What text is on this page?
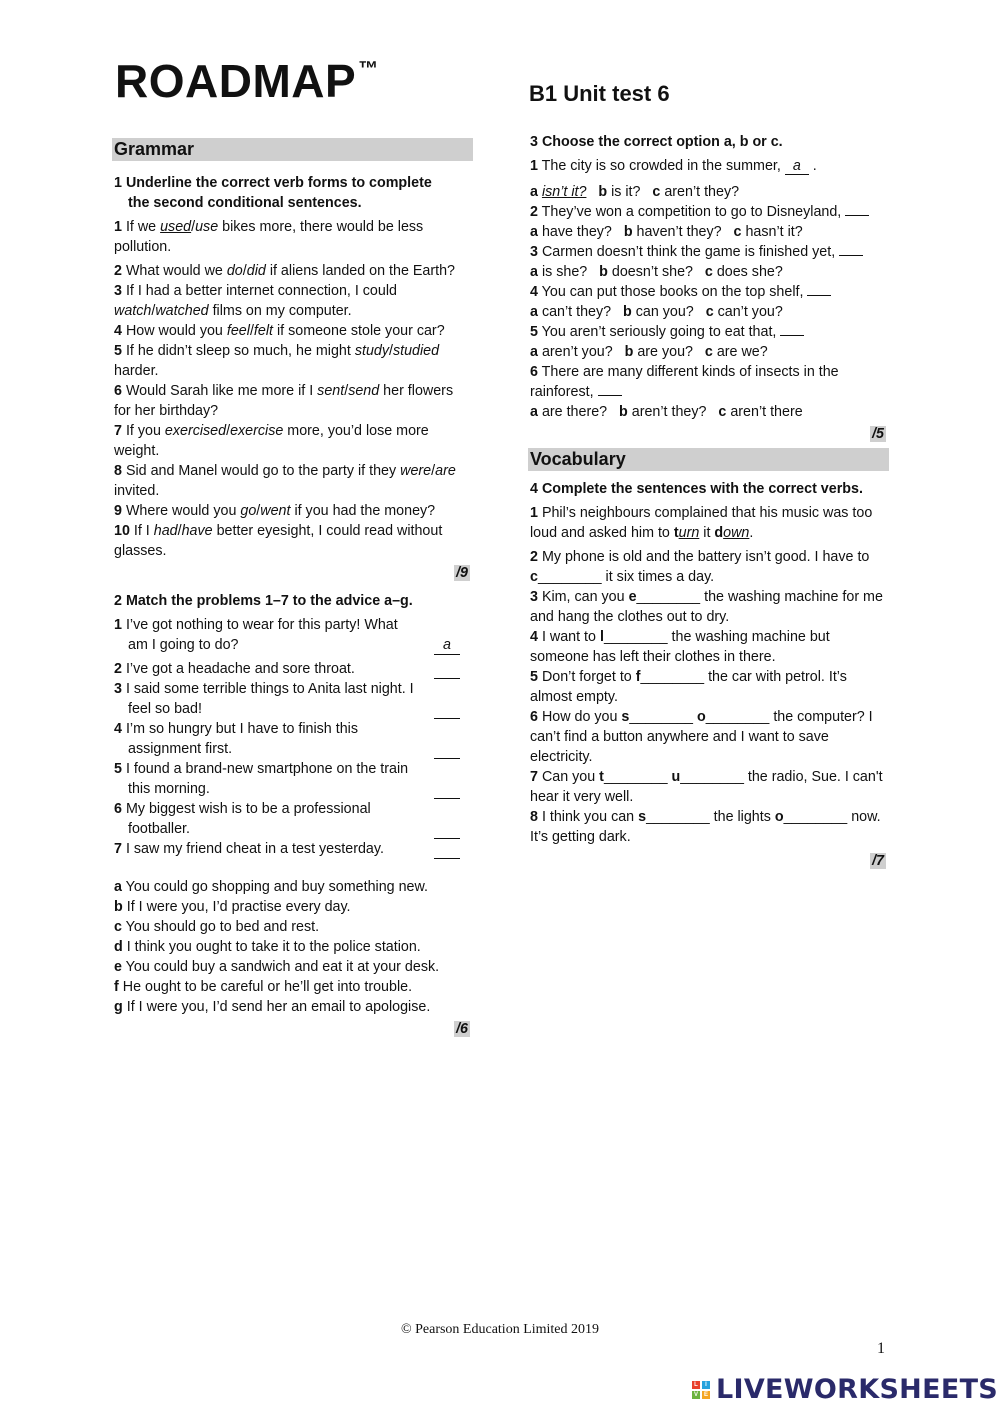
ROADMAP ™
B1 Unit test 6
Grammar
1 Underline the correct verb forms to complete
the second conditional sentences.
1 If we used/use bikes more, there would be less pollution.
2 What would we do/did if aliens landed on the Earth?
3 If I had a better internet connection, I could watch/watched films on my computer.
4 How would you feel/felt if someone stole your car?
5 If he didn’t sleep so much, he might study/studied harder.
6 Would Sarah like me more if I sent/send her flowers for her birthday?
7 If you exercised/exercise more, you’d lose more weight.
8 Sid and Manel would go to the party if they were/are invited.
9 Where would you go/went if you had the money?
10 If I had/have better eyesight, I could read without glasses.
/9
2 Match the problems 1–7 to the advice a–g.
1 I’ve got nothing to wear for this party! What am I going to do?	a
2 I’ve got a headache and sore throat.
3 I said some terrible things to Anita last night. I feel so bad!
4 I’m so hungry but I have to finish this assignment first.
5 I found a brand-new smartphone on the train this morning.
6 My biggest wish is to be a professional footballer.
7 I saw my friend cheat in a test yesterday.
a You could go shopping and buy something new.
b If I were you, I’d practise every day.
c You should go to bed and rest.
d I think you ought to take it to the police station.
e You could buy a sandwich and eat it at your desk.
f He ought to be careful or he’ll get into trouble.
g If I were you, I’d send her an email to apologise.
/6
3 Choose the correct option a, b or c.
1 The city is so crowded in the summer, a .
a isn’t it? b is it? c aren’t they?
2 They’ve won a competition to go to Disneyland,
a have they? b haven’t they? c hasn’t it?
3 Carmen doesn’t think the game is finished yet,
a is she? b doesn’t she? c does she?
4 You can put those books on the top shelf,
a can’t they? b can you? c can’t you?
5 You aren’t seriously going to eat that,
a aren’t you? b are you? c are we?
6 There are many different kinds of insects in the rainforest,
a are there? b aren’t they? c aren’t there
/5
Vocabulary
4 Complete the sentences with the correct verbs.
1 Phil’s neighbours complained that his music was too loud and asked him to turn it down.
2 My phone is old and the battery isn’t good. I have to c________ it six times a day.
3 Kim, can you e________ the washing machine for me and hang the clothes out to dry.
4 I want to l________ the washing machine but someone has left their clothes in there.
5 Don’t forget to f________ the car with petrol. It’s almost empty.
6 How do you s________ o________ the computer? I can’t find a button anywhere and I want to save electricity.
7 Can you t________ u________ the radio, Sue. I can't hear it very well.
8 I think you can s________ the lights o________ now. It’s getting dark.
/7
© Pearson Education Limited 2019
1
L	I
V E LIVEWORKSHEETS
